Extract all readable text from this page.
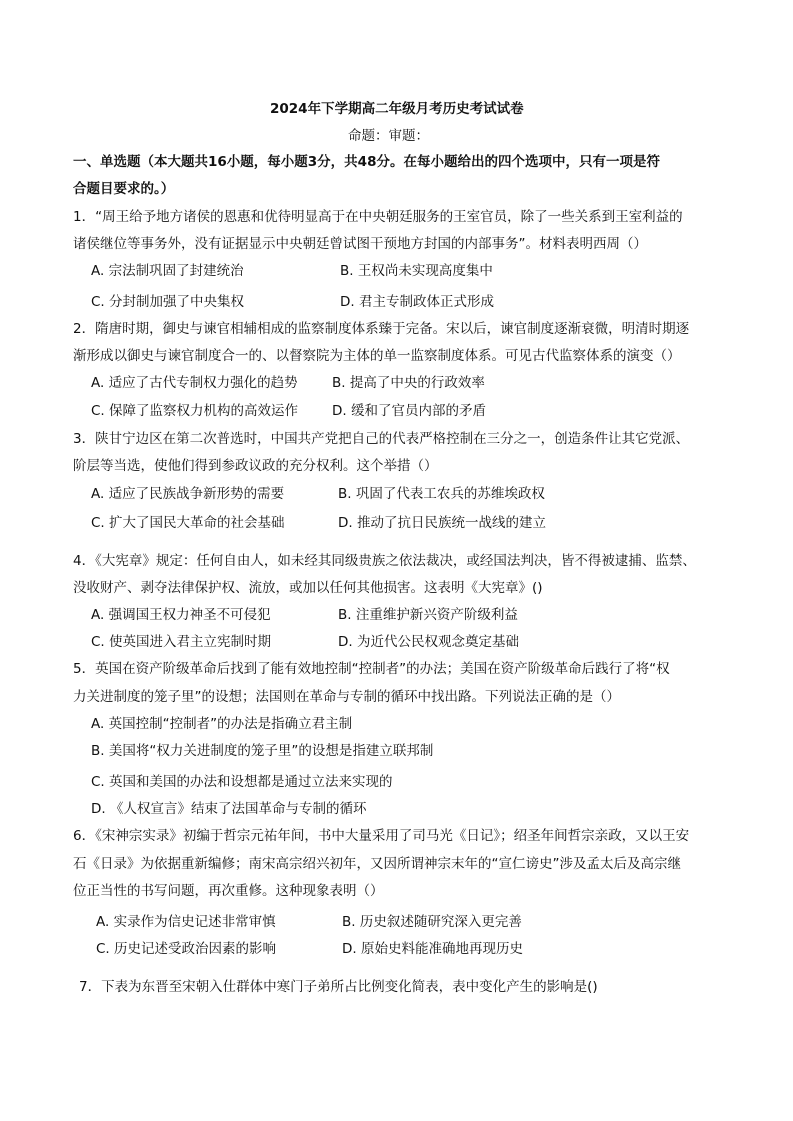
2024年下学期高二年级月考历史考试试卷
命题：审题：
一、单选题（本大题共16小题，每小题3分，共48分。在每小题给出的四个选项中，只有一项是符
合题目要求的。）
1．“周王给予地方诸侯的恩惠和优待明显高于在中央朝廷服务的王室官员，除了一些关系到王室利益的
诸侯继位等事务外，没有证据显示中央朝廷曾试图干预地方封国的内部事务”。材料表明西周（）
A. 宗法制巩固了封建统治	B. 王权尚未实现高度集中
C. 分封制加强了中央集权	D. 君主专制政体正式形成
2．隋唐时期，御史与谏官相辅相成的监察制度体系臻于完备。宋以后，谏官制度逐渐衰微，明清时期逐
渐形成以御史与谏官制度合一的、以督察院为主体的单一监察制度体系。可见古代监察体系的演变（）
A. 适应了古代专制权力强化的趋势	B. 提高了中央的行政效率
C. 保障了监察权力机构的高效运作	D. 缓和了官员内部的矛盾
3．陕甘宁边区在第二次普选时，中国共产党把自己的代表严格控制在三分之一，创造条件让其它党派、
阶层等当选，使他们得到参政议政的充分权利。这个举措（）
A. 适应了民族战争新形势的需要	B. 巩固了代表工农兵的苏维埃政权
C. 扩大了国民大革命的社会基础	D. 推动了抗日民族统一战线的建立
4．《大宪章》规定：任何自由人，如未经其同级贵族之依法裁决，或经国法判决，皆不得被逮捕、监禁、
没收财产、剥夺法律保护权、流放，或加以任何其他损害。这表明《大宪章》()
A. 强调国王权力神圣不可侵犯	B. 注重维护新兴资产阶级利益
C. 使英国进入君主立宪制时期	D. 为近代公民权观念奠定基础
5．英国在资产阶级革命后找到了能有效地控制“控制者”的办法；美国在资产阶级革命后践行了将“权
力关进制度的笼子里”的设想；法国则在革命与专制的循环中找出路。下列说法正确的是（）
A. 英国控制“控制者”的办法是指确立君主制
B. 美国将“权力关进制度的笼子里”的设想是指建立联邦制
C. 英国和美国的办法和设想都是通过立法来实现的
D. 《人权宣言》结束了法国革命与专制的循环
6．《宋神宗实录》初编于哲宗元祐年间，书中大量采用了司马光《日记》；绍圣年间哲宗亲政，又以王安
石《日录》为依据重新编修；南宋高宗绍兴初年，又因所谓神宗末年的“宣仁谤史”涉及孟太后及高宗继
位正当性的书写问题，再次重修。这种现象表明（）
A. 实录作为信史记述非常审慎	B. 历史叙述随研究深入更完善
C. 历史记述受政治因素的影响	D. 原始史料能准确地再现历史
7．下表为东晋至宋朝入仕群体中寒门子弟所占比例变化简表，表中变化产生的影响是()
